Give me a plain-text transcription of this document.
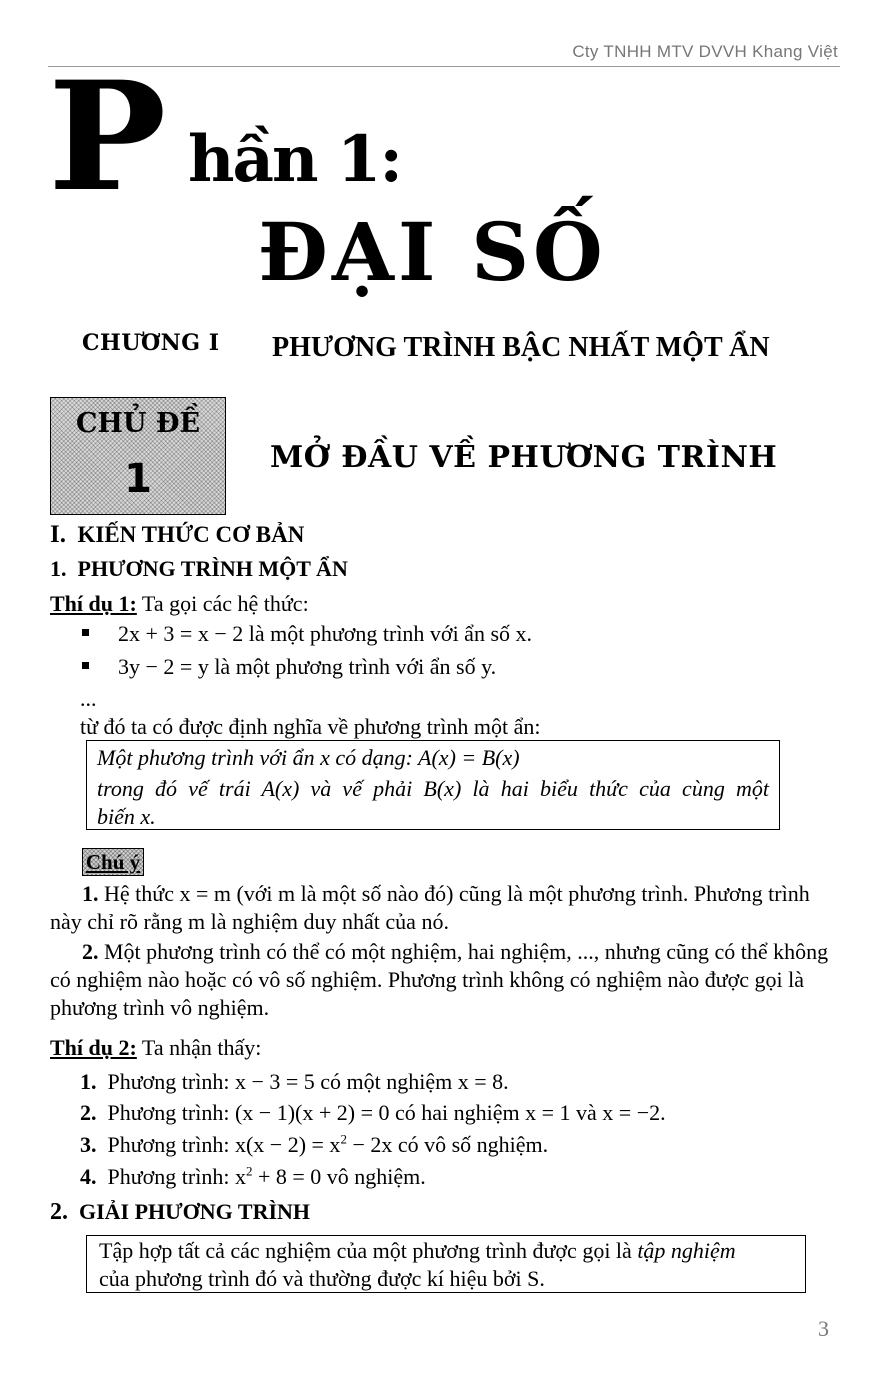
Cty TNHH MTV DVVH Khang Việt
P hần 1:
ĐẠI SỐ
CHƯƠNG I PHƯƠNG TRÌNH BẬC NHẤT MỘT ẨN
CHỦ ĐỀ
1	MỞ ĐẦU VỀ PHƯƠNG TRÌNH
I. KIẾN THỨC CƠ BẢN
1. PHƯƠNG TRÌNH MỘT ẨN
Thí dụ 1: Ta gọi các hệ thức:
2x + 3 = x − 2 là một phương trình với ẩn số x.
3y − 2 = y là một phương trình với ẩn số y.
...
từ đó ta có được định nghĩa về phương trình một ẩn:
Một phương trình với ẩn x có dạng: A(x) = B(x)
trong đó vế trái A(x) và vế phải B(x) là hai biểu thức của cùng một
biến x.
Chú ý
1. Hệ thức x = m (với m là một số nào đó) cũng là một phương trình. Phương trình
này chỉ rõ rằng m là nghiệm duy nhất của nó.
2. Một phương trình có thể có một nghiệm, hai nghiệm, ..., nhưng cũng có thể không
có nghiệm nào hoặc có vô số nghiệm. Phương trình không có nghiệm nào được gọi là
phương trình vô nghiệm.
Thí dụ 2: Ta nhận thấy:
1. Phương trình: x − 3 = 5 có một nghiệm x = 8.
2. Phương trình: (x − 1)(x + 2) = 0 có hai nghiệm x = 1 và x = −2.
3. Phương trình: $x(x - 2) = x^2 - 2x$ có vô số nghiệm.
4. Phương trình: $x^2 + 8 = 0$ vô nghiệm.
2. GIẢI PHƯƠNG TRÌNH
Tập hợp tất cả các nghiệm của một phương trình được gọi là tập nghiệm
của phương trình đó và thường được kí hiệu bởi S.
3
